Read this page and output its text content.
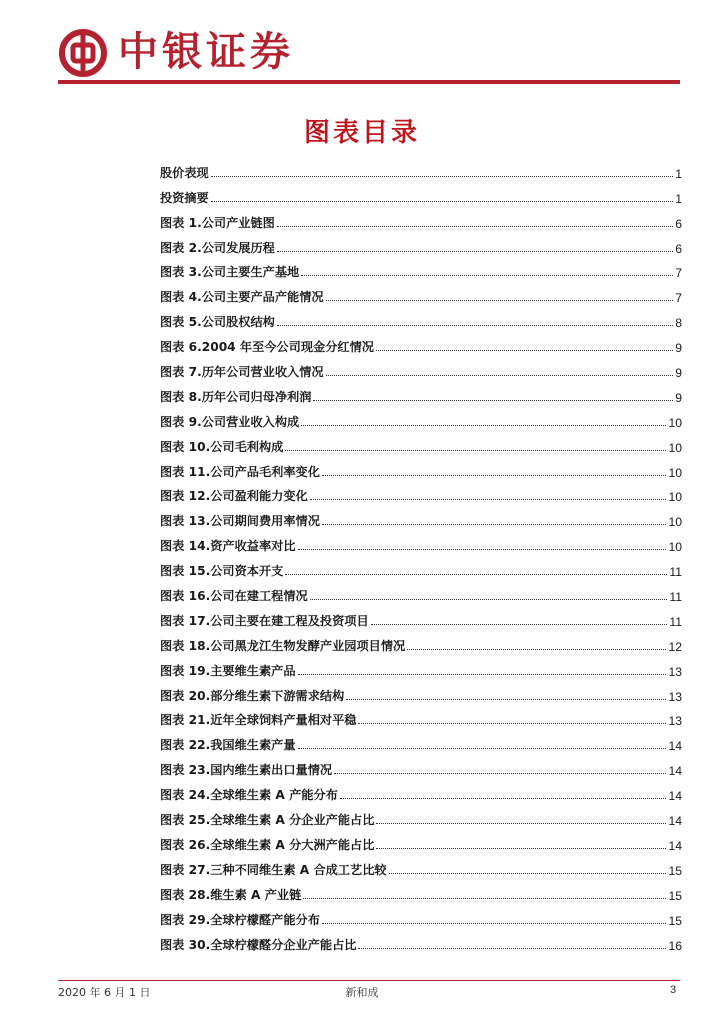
中银证券
图表目录
股价表现	1
投资摘要	1
图表 1.公司产业链图	6
图表 2.公司发展历程	6
图表 3.公司主要生产基地	7
图表 4.公司主要产品产能情况	7
图表 5.公司股权结构	8
图表 6.2004 年至今公司现金分红情况	9
图表 7.历年公司营业收入情况	9
图表 8.历年公司归母净利润	9
图表 9.公司营业收入构成	10
图表 10.公司毛利构成	10
图表 11.公司产品毛利率变化	10
图表 12.公司盈利能力变化	10
图表 13.公司期间费用率情况	10
图表 14.资产收益率对比	10
图表 15.公司资本开支	11
图表 16.公司在建工程情况	11
图表 17.公司主要在建工程及投资项目	11
图表 18.公司黑龙江生物发酵产业园项目情况	12
图表 19.主要维生素产品	13
图表 20.部分维生素下游需求结构	13
图表 21.近年全球饲料产量相对平稳	13
图表 22.我国维生素产量	14
图表 23.国内维生素出口量情况	14
图表 24.全球维生素 A 产能分布	14
图表 25.全球维生素 A 分企业产能占比	14
图表 26.全球维生素 A 分大洲产能占比	14
图表 27.三种不同维生素 A 合成工艺比较	15
图表 28.维生素 A 产业链	15
图表 29.全球柠檬醛产能分布	15
图表 30.全球柠檬醛分企业产能占比	16
2020 年 6 月 1 日	新和成	3
